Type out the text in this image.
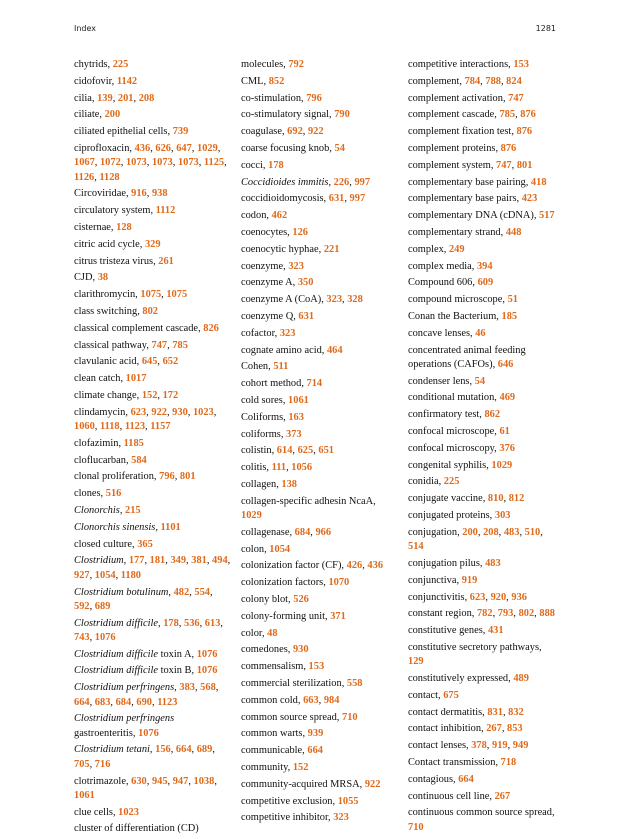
Index	1281
chytrids, 225
cidofovir, 1142
cilia, 139, 201, 208
ciliate, 200
ciliated epithelial cells, 739
ciprofloxacin, 436, 626, 647, 1029, 1067, 1072, 1073, 1073, 1073, 1125, 1126, 1128
Circoviridae, 916, 938
circulatory system, 1112
cisternae, 128
citric acid cycle, 329
citrus tristeza virus, 261
CJD, 38
clarithromycin, 1075, 1075
class switching, 802
classical complement cascade, 826
classical pathway, 747, 785
clavulanic acid, 645, 652
clean catch, 1017
climate change, 152, 172
clindamycin, 623, 922, 930, 1023, 1060, 1118, 1123, 1157
clofazimin, 1185
cloflucarban, 584
clonal proliferation, 796, 801
clones, 516
Clonorchis, 215
Clonorchis sinensis, 1101
closed culture, 365
Clostridium, 177, 181, 349, 381, 494, 927, 1054, 1180
Clostridium botulinum, 482, 554, 592, 689
Clostridium difficile, 178, 536, 613, 743, 1076
Clostridium difficile toxin A, 1076
Clostridium difficile toxin B, 1076
Clostridium perfringens, 383, 568, 664, 683, 684, 690, 1123
Clostridium perfringens
gastroenteritis, 1076
Clostridium tetani, 156, 664, 689, 705, 716
clotrimazole, 630, 945, 947, 1038, 1061
clue cells, 1023
cluster of differentiation (CD)
molecules, 792
CML, 852
co-stimulation, 796
co-stimulatory signal, 790
coagulase, 692, 922
coarse focusing knob, 54
cocci, 178
Coccidioides immitis, 226, 997
coccidioidomycosis, 631, 997
codon, 462
coenocytes, 126
coenocytic hyphae, 221
coenzyme, 323
coenzyme A, 350
coenzyme A (CoA), 323, 328
coenzyme Q, 631
cofactor, 323
cognate amino acid, 464
Cohen, 511
cohort method, 714
cold sores, 1061
Coliforms, 163
coliforms, 373
colistin, 614, 625, 651
colitis, 111, 1056
collagen, 138
collagen-specific adhesin NcaA, 1029
collagenase, 684, 966
colon, 1054
colonization factor (CF), 426, 436
colonization factors, 1070
colony blot, 526
colony-forming unit, 371
color, 48
comedones, 930
commensalism, 153
commercial sterilization, 558
common cold, 663, 984
common source spread, 710
common warts, 939
communicable, 664
community, 152
community-acquired MRSA, 922
competitive exclusion, 1055
competitive inhibitor, 323
competitive interactions, 153
complement, 784, 788, 824
complement activation, 747
complement cascade, 785, 876
complement fixation test, 876
complement proteins, 876
complement system, 747, 801
complementary base pairing, 418
complementary base pairs, 423
complementary DNA (cDNA), 517
complementary strand, 448
complex, 249
complex media, 394
Compound 606, 609
compound microscope, 51
Conan the Bacterium, 185
concave lenses, 46
concentrated animal feeding operations (CAFOs), 646
condenser lens, 54
conditional mutation, 469
confirmatory test, 862
confocal microscope, 61
confocal microscopy, 376
congenital syphilis, 1029
conidia, 225
conjugate vaccine, 810, 812
conjugated proteins, 303
conjugation, 200, 208, 483, 510, 514
conjugation pilus, 483
conjunctiva, 919
conjunctivitis, 623, 920, 936
constant region, 782, 793, 802, 888
constitutive genes, 431
constitutive secretory pathways, 129
constitutively expressed, 489
contact, 675
contact dermatitis, 831, 832
contact inhibition, 267, 853
contact lenses, 378, 919, 949
Contact transmission, 718
contagious, 664
continuous cell line, 267
continuous common source spread, 710
